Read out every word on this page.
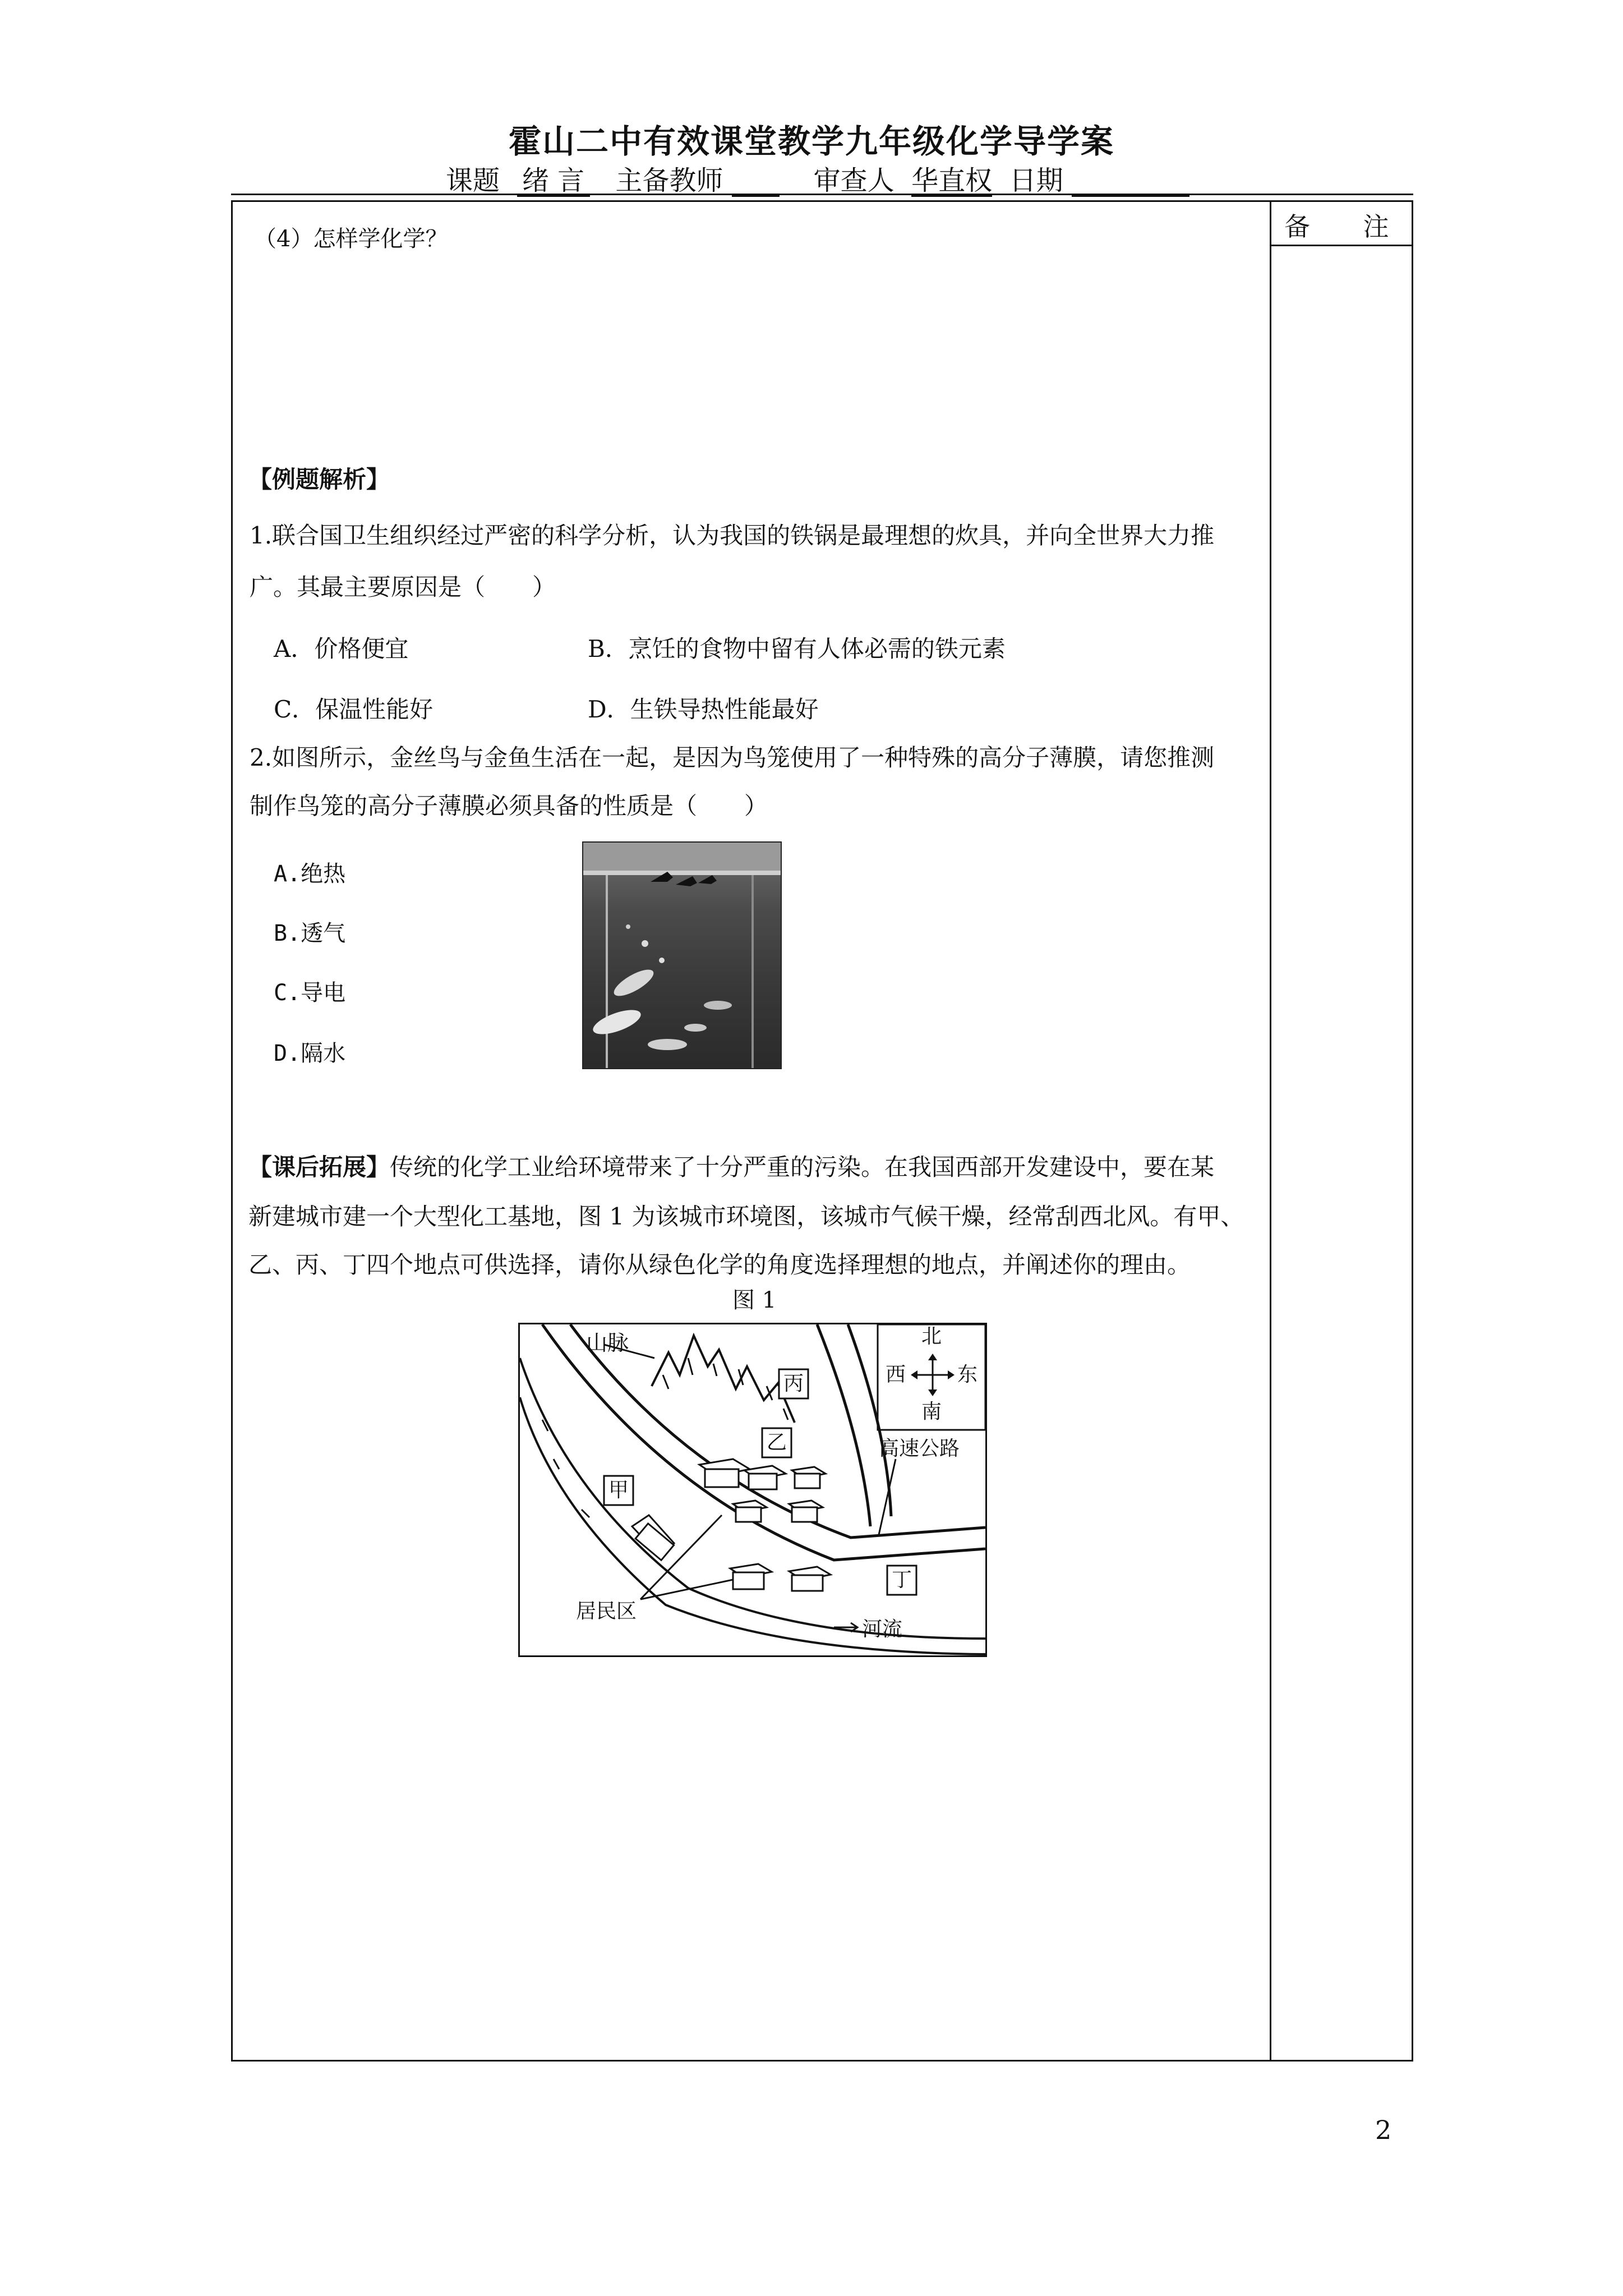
霍山二中有效课堂教学九年级化学导学案
课题 绪 言 主备教师	审查人 华直权 日期
备 注
（4）怎样学化学？
【例题解析】
1.联合国卫生组织经过严密的科学分析，认为我国的铁锅是最理想的炊具，并向全世界大力推
广。其最主要原因是（　　）
A．价格便宜	B．烹饪的食物中留有人体必需的铁元素
C．保温性能好	D．生铁导热性能最好
2.如图所示，金丝鸟与金鱼生活在一起，是因为鸟笼使用了一种特殊的高分子薄膜，请您推测
制作鸟笼的高分子薄膜必须具备的性质是（　　）
A.绝热
B.透气
C.导电
D.隔水
【课后拓展】传统的化学工业给环境带来了十分严重的污染。在我国西部开发建设中，要在某
新建城市建一个大型化工基地，图 1 为该城市环境图，该城市气候干燥，经常刮西北风。有甲、
乙、丙、丁四个地点可供选择，请你从绿色化学的角度选择理想的地点，并阐述你的理由。
图 1
山脉	北
南
东
西
甲
乙
丙
丁
高速公路
居民区
河流
2
